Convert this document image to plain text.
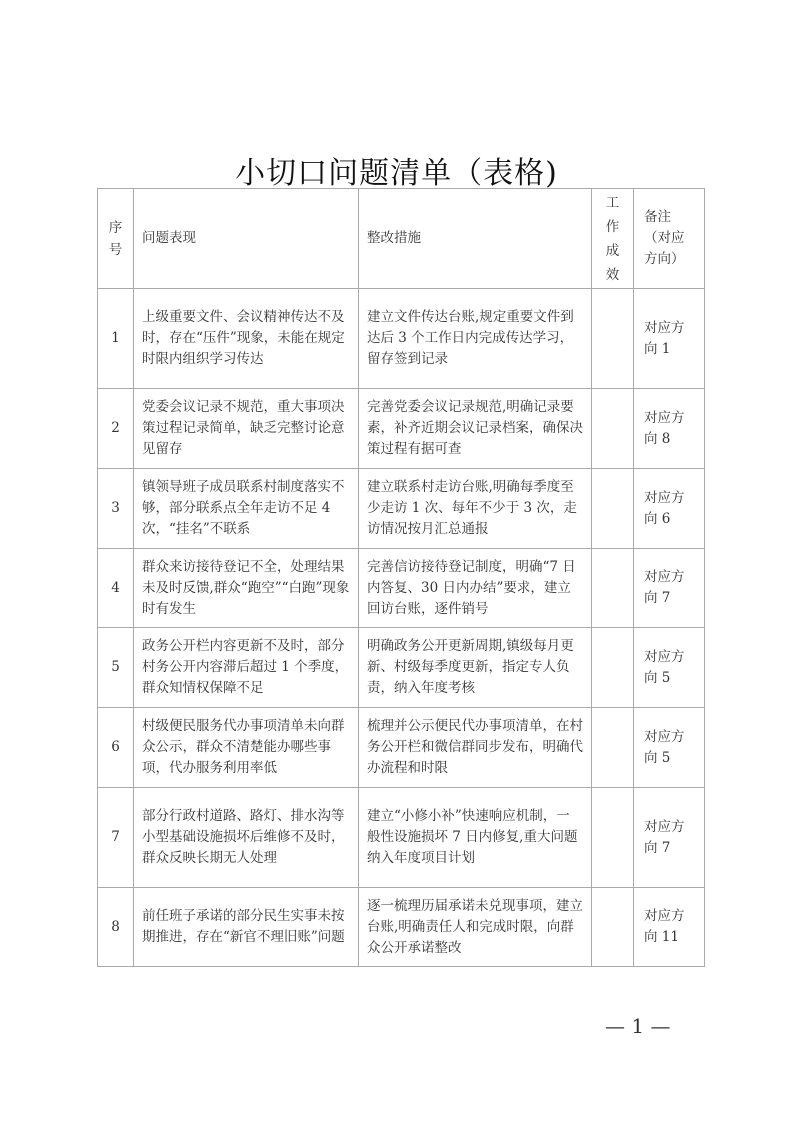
小切口问题清单（表格)
序号	问题表现	整改措施	工作成效	备注（对应方向）
1	上级重要文件、会议精神传达不及时，存在“压件”现象，未能在规定时限内组织学习传达	建立文件传达台账,规定重要文件到达后 3 个工作日内完成传达学习，留存签到记录		对应方向 1
2	党委会议记录不规范，重大事项决策过程记录简单，缺乏完整讨论意见留存	完善党委会议记录规范,明确记录要素，补齐近期会议记录档案，确保决策过程有据可查		对应方向 8
3	镇领导班子成员联系村制度落实不够，部分联系点全年走访不足 4 次，“挂名”不联系	建立联系村走访台账,明确每季度至少走访 1 次、每年不少于 3 次，走访情况按月汇总通报		对应方向 6
4	群众来访接待登记不全，处理结果未及时反馈,群众“跑空”“白跑”现象时有发生	完善信访接待登记制度，明确“7 日内答复、30 日内办结”要求，建立回访台账，逐件销号		对应方向 7
5	政务公开栏内容更新不及时，部分村务公开内容滞后超过 1 个季度，群众知情权保障不足	明确政务公开更新周期,镇级每月更新、村级每季度更新，指定专人负责，纳入年度考核		对应方向 5
6	村级便民服务代办事项清单未向群众公示，群众不清楚能办哪些事项，代办服务利用率低	梳理并公示便民代办事项清单，在村务公开栏和微信群同步发布，明确代办流程和时限		对应方向 5
7	部分行政村道路、路灯、排水沟等小型基础设施损坏后维修不及时，群众反映长期无人处理	建立“小修小补”快速响应机制，一般性设施损坏 7 日内修复,重大问题纳入年度项目计划		对应方向 7
8	前任班子承诺的部分民生实事未按期推进，存在“新官不理旧账”问题	逐一梳理历届承诺未兑现事项，建立台账,明确责任人和完成时限，向群众公开承诺整改		对应方向 11
— 1 —
